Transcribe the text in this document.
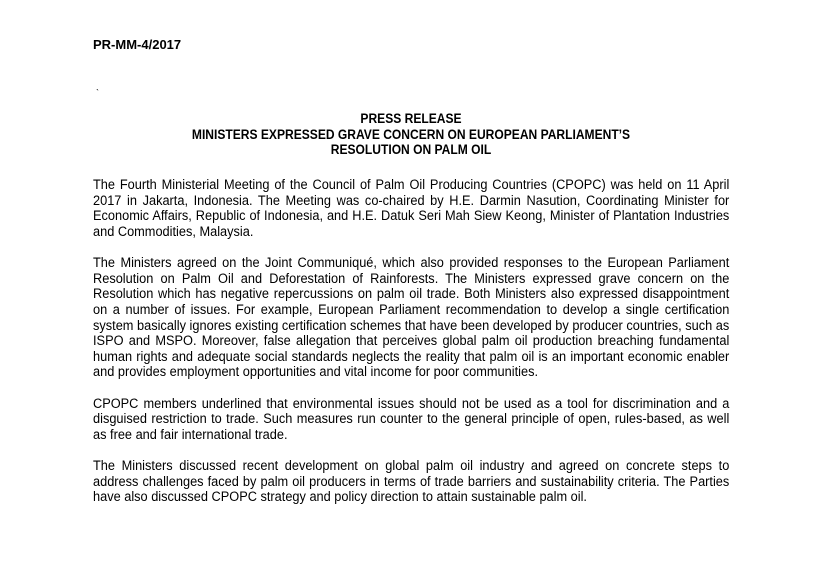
PR-MM-4/2017
`
PRESS RELEASE
MINISTERS EXPRESSED GRAVE CONCERN ON EUROPEAN PARLIAMENT’S
RESOLUTION ON PALM OIL

The Fourth Ministerial Meeting of the Council of Palm Oil Producing Countries (CPOPC) was held on 11 April 2017 in Jakarta, Indonesia. The Meeting was co-chaired by H.E. Darmin Nasution, Coordinating Minister for Economic Affairs, Republic of Indonesia, and H.E. Datuk Seri Mah Siew Keong, Minister of Plantation Industries and Commodities, Malaysia.

The Ministers agreed on the Joint Communiqué, which also provided responses to the European Parliament Resolution on Palm Oil and Deforestation of Rainforests. The Ministers expressed grave concern on the Resolution which has negative repercussions on palm oil trade. Both Ministers also expressed disappointment on a number of issues. For example, European Parliament recommendation to develop a single certification system basically ignores existing certification schemes that have been developed by producer countries, such as ISPO and MSPO. Moreover, false allegation that perceives global palm oil production breaching fundamental human rights and adequate social standards neglects the reality that palm oil is an important economic enabler and provides employment opportunities and vital income for poor communities.

CPOPC members underlined that environmental issues should not be used as a tool for discrimination and a disguised restriction to trade. Such measures run counter to the general principle of open, rules-based, as well as free and fair international trade.

The Ministers discussed recent development on global palm oil industry and agreed on concrete steps to address challenges faced by palm oil producers in terms of trade barriers and sustainability criteria. The Parties have also discussed CPOPC strategy and policy direction to attain sustainable palm oil.
